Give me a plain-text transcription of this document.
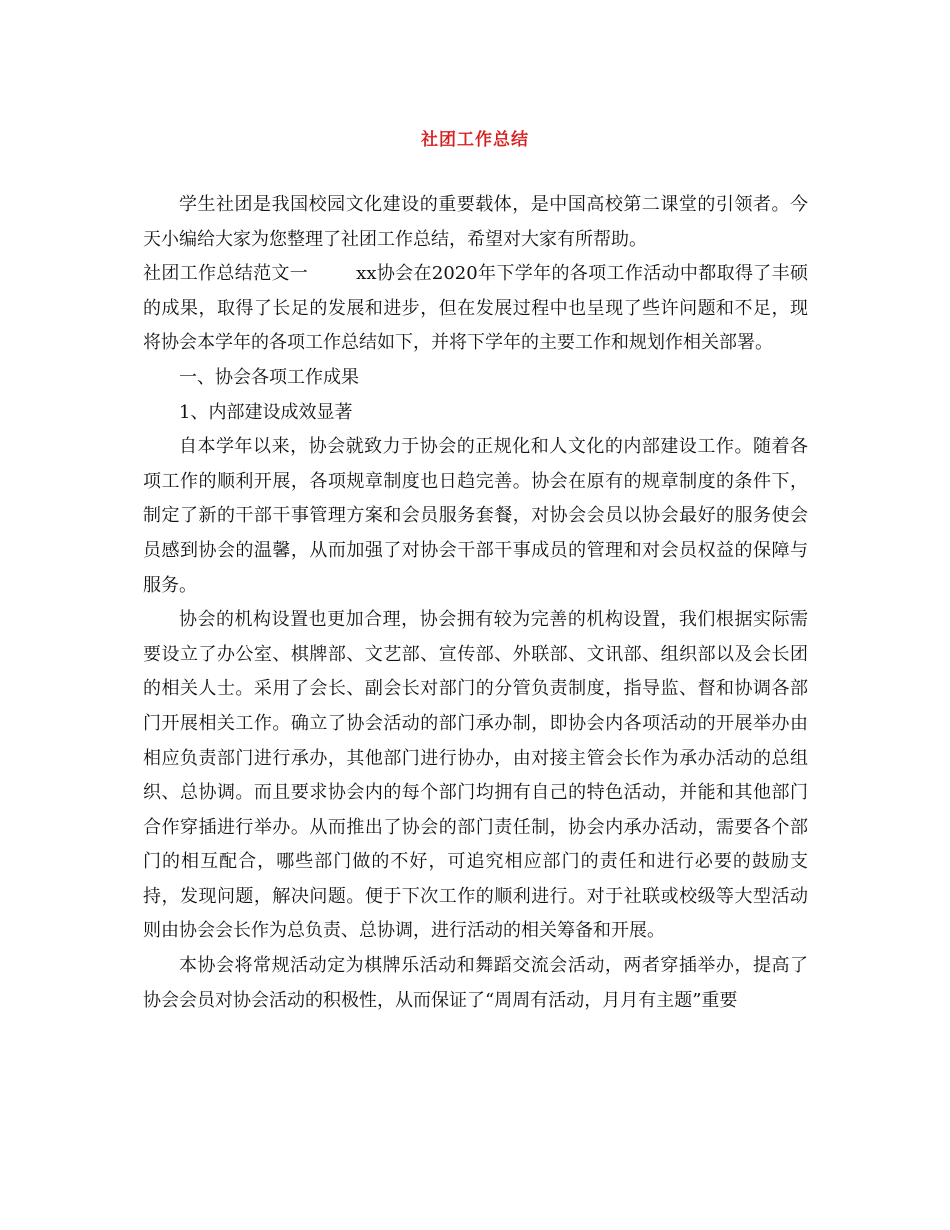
社团工作总结

学生社团是我国校园文化建设的重要载体，是中国高校第二课堂的引领者。今天小编给大家为您整理了社团工作总结，希望对大家有所帮助。

社团工作总结范文一	xx协会在2020年下学年的各项工作活动中都取得了丰硕的成果，取得了长足的发展和进步，但在发展过程中也呈现了些许问题和不足，现将协会本学年的各项工作总结如下，并将下学年的主要工作和规划作相关部署。

一、协会各项工作成果

1、内部建设成效显著

自本学年以来，协会就致力于协会的正规化和人文化的内部建设工作。随着各项工作的顺利开展，各项规章制度也日趋完善。协会在原有的规章制度的条件下，制定了新的干部干事管理方案和会员服务套餐，对协会会员以协会最好的服务使会员感到协会的温馨，从而加强了对协会干部干事成员的管理和对会员权益的保障与服务。

协会的机构设置也更加合理，协会拥有较为完善的机构设置，我们根据实际需要设立了办公室、棋牌部、文艺部、宣传部、外联部、文讯部、组织部以及会长团的相关人士。采用了会长、副会长对部门的分管负责制度，指导监、督和协调各部门开展相关工作。确立了协会活动的部门承办制，即协会内各项活动的开展举办由相应负责部门进行承办，其他部门进行协办，由对接主管会长作为承办活动的总组织、总协调。而且要求协会内的每个部门均拥有自己的特色活动，并能和其他部门合作穿插进行举办。从而推出了协会的部门责任制，协会内承办活动，需要各个部门的相互配合，哪些部门做的不好，可追究相应部门的责任和进行必要的鼓励支持，发现问题，解决问题。便于下次工作的顺利进行。对于社联或校级等大型活动则由协会会长作为总负责、总协调，进行活动的相关筹备和开展。

本协会将常规活动定为棋牌乐活动和舞蹈交流会活动，两者穿插举办，提高了协会会员对协会活动的积极性，从而保证了“周周有活动，月月有主题”重要
